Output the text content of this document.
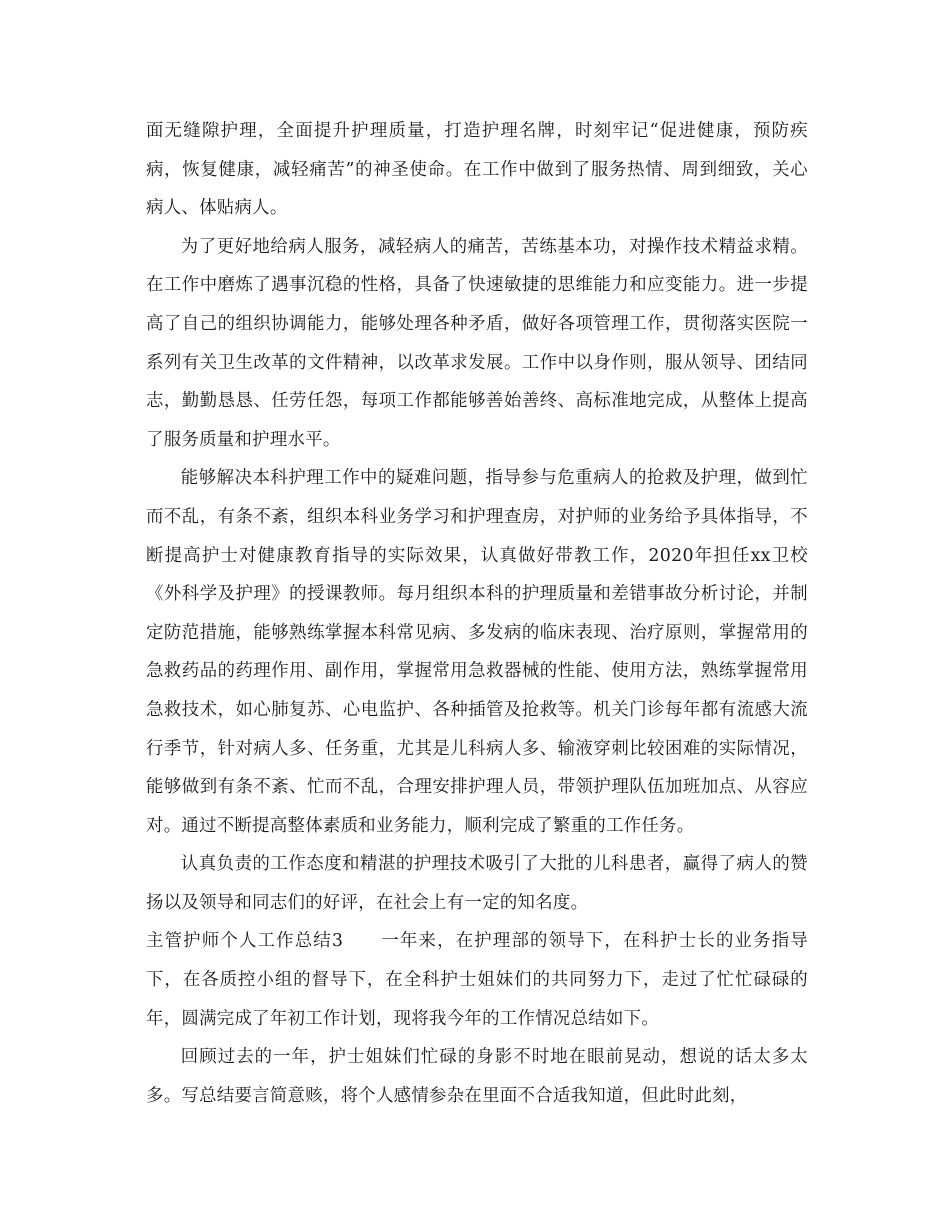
面无缝隙护理，全面提升护理质量，打造护理名牌，时刻牢记“促进健康，预防疾病，恢复健康，减轻痛苦”的神圣使命。在工作中做到了服务热情、周到细致，关心病人、体贴病人。

为了更好地给病人服务，减轻病人的痛苦，苦练基本功，对操作技术精益求精。在工作中磨炼了遇事沉稳的性格，具备了快速敏捷的思维能力和应变能力。进一步提高了自己的组织协调能力，能够处理各种矛盾，做好各项管理工作，贯彻落实医院一系列有关卫生改革的文件精神，以改革求发展。工作中以身作则，服从领导、团结同志，勤勤恳恳、任劳任怨，每项工作都能够善始善终、高标准地完成，从整体上提高了服务质量和护理水平。

能够解决本科护理工作中的疑难问题，指导参与危重病人的抢救及护理，做到忙而不乱，有条不紊，组织本科业务学习和护理查房，对护师的业务给予具体指导，不断提高护士对健康教育指导的实际效果，认真做好带教工作，2020年担任xx卫校《外科学及护理》的授课教师。每月组织本科的护理质量和差错事故分析讨论，并制定防范措施，能够熟练掌握本科常见病、多发病的临床表现、治疗原则，掌握常用的急救药品的药理作用、副作用，掌握常用急救器械的性能、使用方法，熟练掌握常用急救技术，如心肺复苏、心电监护、各种插管及抢救等。机关门诊每年都有流感大流行季节，针对病人多、任务重，尤其是儿科病人多、输液穿刺比较困难的实际情况，能够做到有条不紊、忙而不乱，合理安排护理人员，带领护理队伍加班加点、从容应对。通过不断提高整体素质和业务能力，顺利完成了繁重的工作任务。

认真负责的工作态度和精湛的护理技术吸引了大批的儿科患者，赢得了病人的赞扬以及领导和同志们的好评，在社会上有一定的知名度。

主管护师个人工作总结3　　一年来，在护理部的领导下，在科护士长的业务指导下，在各质控小组的督导下，在全科护士姐妹们的共同努力下，走过了忙忙碌碌的年，圆满完成了年初工作计划，现将我今年的工作情况总结如下。

回顾过去的一年，护士姐妹们忙碌的身影不时地在眼前晃动，想说的话太多太多。写总结要言简意赅，将个人感情参杂在里面不合适我知道，但此时此刻，
